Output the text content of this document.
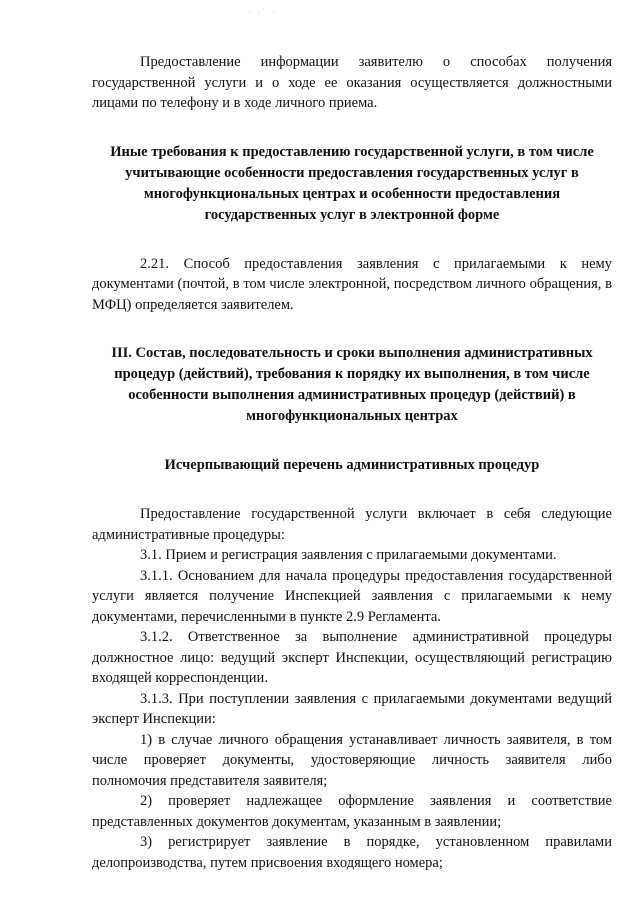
· ·˙ ·

Предоставление информации заявителю о способах получения государственной услуги и о ходе ее оказания осуществляется должностными лицами по телефону и в ходе личного приема.

Иные требования к предоставлению государственной услуги, в том числе учитывающие особенности предоставления государственных услуг в многофункциональных центрах и особенности предоставления государственных услуг в электронной форме

2.21. Способ предоставления заявления с прилагаемыми к нему документами (почтой, в том числе электронной, посредством личного обращения, в МФЦ) определяется заявителем.

III. Состав, последовательность и сроки выполнения административных процедур (действий), требования к порядку их выполнения, в том числе особенности выполнения административных процедур (действий) в многофункциональных центрах

Исчерпывающий перечень административных процедур

Предоставление государственной услуги включает в себя следующие административные процедуры:

3.1. Прием и регистрация заявления с прилагаемыми документами.

3.1.1. Основанием для начала процедуры предоставления государственной услуги является получение Инспекцией заявления с прилагаемыми к нему документами, перечисленными в пункте 2.9 Регламента.

3.1.2. Ответственное за выполнение административной процедуры должностное лицо: ведущий эксперт Инспекции, осуществляющий регистрацию входящей корреспонденции.

3.1.3. При поступлении заявления с прилагаемыми документами ведущий эксперт Инспекции:

1) в случае личного обращения устанавливает личность заявителя, в том числе проверяет документы, удостоверяющие личность заявителя либо полномочия представителя заявителя;

2) проверяет надлежащее оформление заявления и соответствие представленных документов документам, указанным в заявлении;

3) регистрирует заявление в порядке, установленном правилами делопроизводства, путем присвоения входящего номера;
